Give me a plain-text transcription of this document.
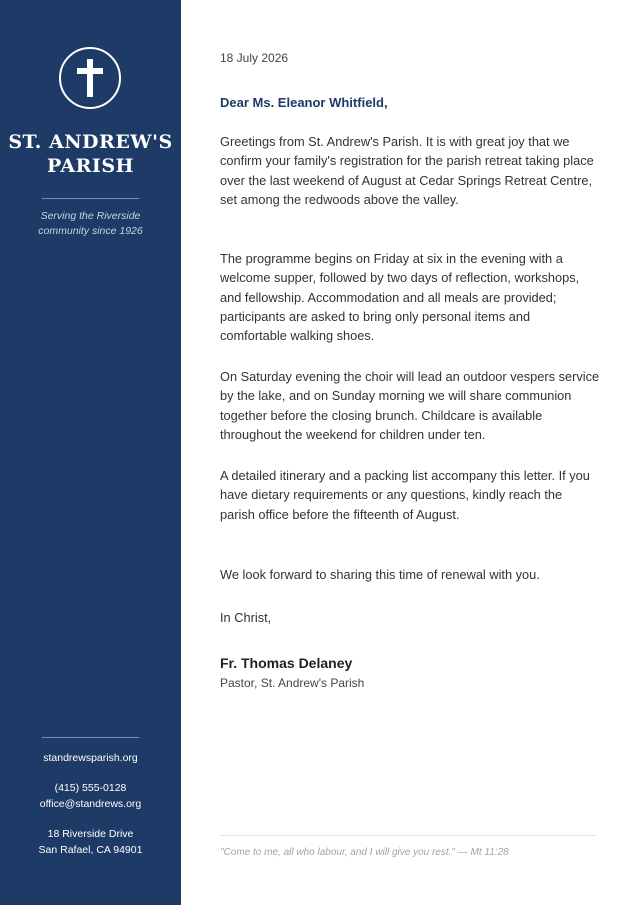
ST. ANDREW'S
PARISH
Serving the Riverside
community since 1926
standrewsparish.org
(415) 555-0128
office@standrews.org
18 Riverside Drive
San Rafael, CA 94901
18 July 2026
Dear Ms. Eleanor Whitfield,
Greetings from St. Andrew's Parish. It is with great joy that we confirm your family's registration for the parish retreat taking place over the last weekend of August at Cedar Springs Retreat Centre, set among the redwoods above the valley.
The programme begins on Friday at six in the evening with a welcome supper, followed by two days of reflection, workshops, and fellowship. Accommodation and all meals are provided; participants are asked to bring only personal items and comfortable walking shoes.
On Saturday evening the choir will lead an outdoor vespers service by the lake, and on Sunday morning we will share communion together before the closing brunch. Childcare is available throughout the weekend for children under ten.
A detailed itinerary and a packing list accompany this letter. If you have dietary requirements or any questions, kindly reach the parish office before the fifteenth of August.
We look forward to sharing this time of renewal with you.
In Christ,
Fr. Thomas Delaney
Pastor, St. Andrew's Parish
"Come to me, all who labour, and I will give you rest." — Mt 11:28
